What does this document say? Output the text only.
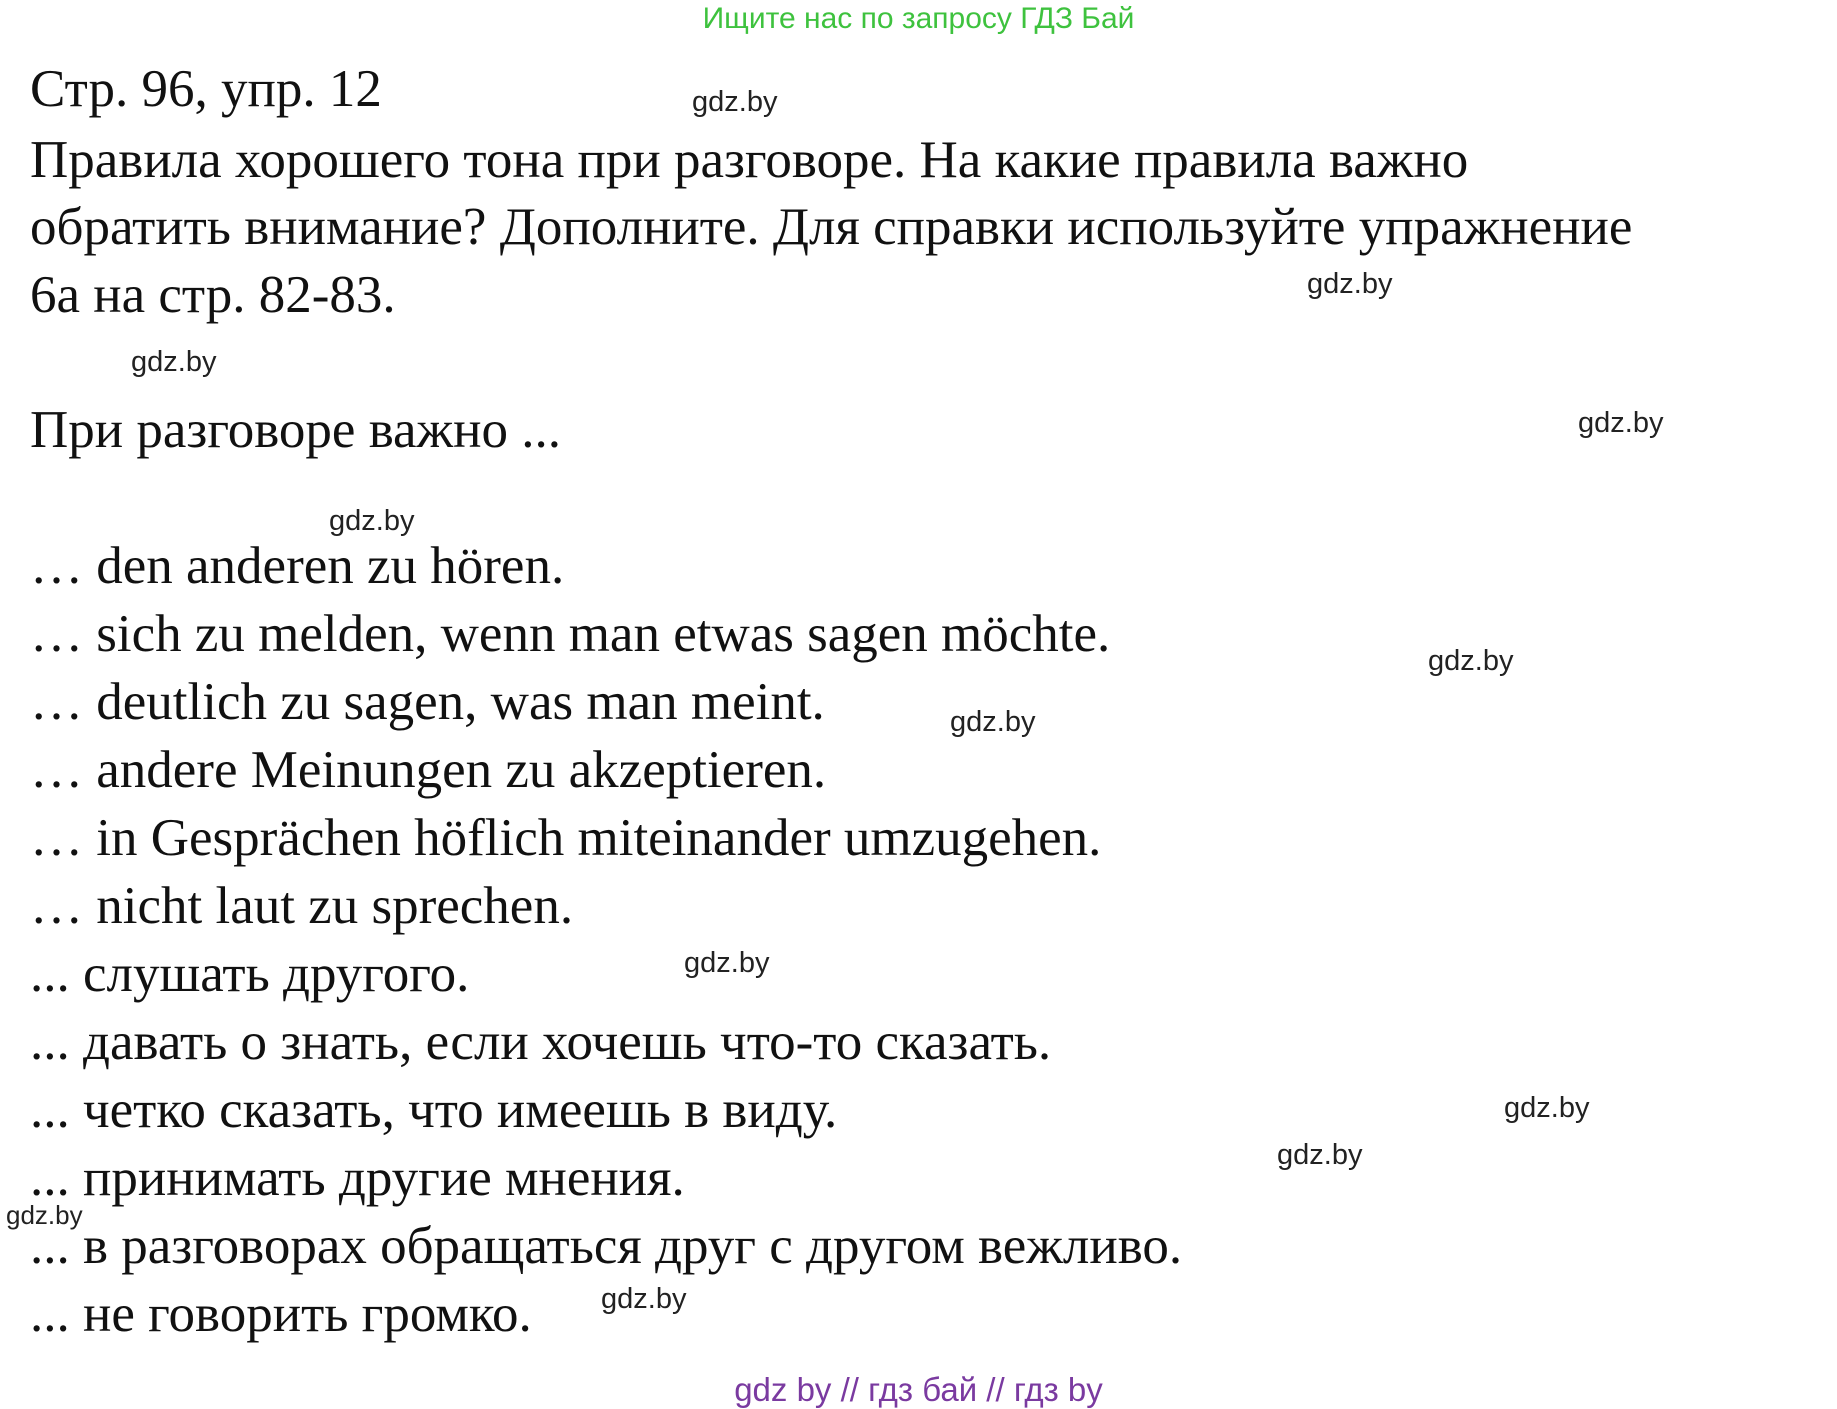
Ищите нас по запросу ГДЗ Бай
Стр. 96, упр. 12
Правила хорошего тона при разговоре. На какие правила важно
обратить внимание? Дополните. Для справки используйте упражнение
6а на стр. 82-83.
При разговоре важно ...
… den anderen zu hören.
… sich zu melden, wenn man etwas sagen möchte.
… deutlich zu sagen, was man meint.
… andere Meinungen zu akzeptieren.
… in Gesprächen höflich miteinander umzugehen.
… nicht laut zu sprechen.
... слушать другого.
... давать о знать, если хочешь что-то сказать.
... четко сказать, что имеешь в виду.
... принимать другие мнения.
... в разговорах обращаться друг с другом вежливо.
... не говорить громко.
gdz.by
gdz.by
gdz.by
gdz.by
gdz.by
gdz.by
gdz.by
gdz.by
gdz.by
gdz.by
gdz.by
gdz.by
gdz by // гдз бай // гдз by
